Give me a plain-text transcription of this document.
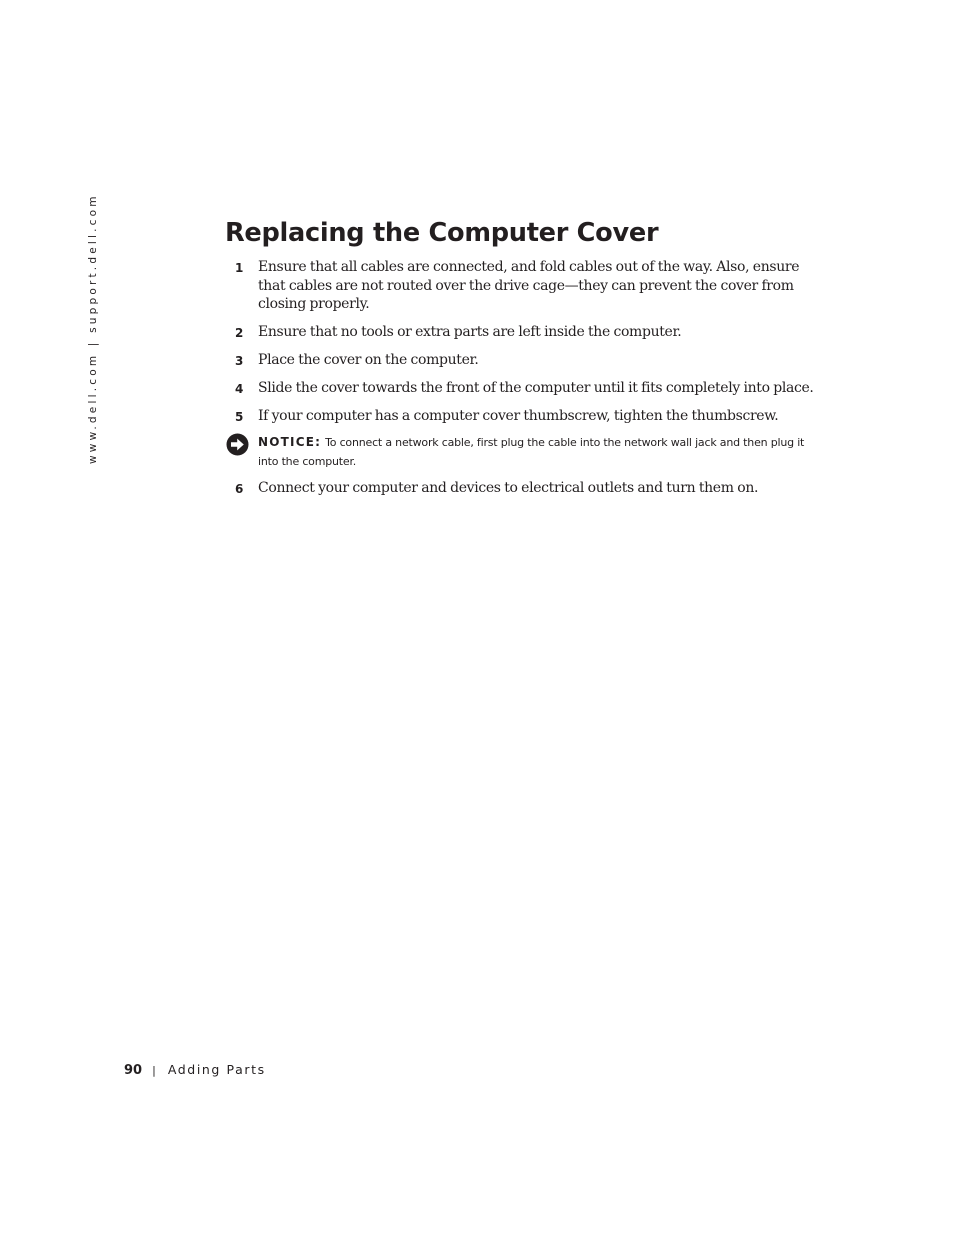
www.dell.com | support.dell.com	Replacing the Computer Cover
1 Ensure that all cables are connected, and fold cables out of the way. Also, ensure that cables are not routed over the drive cage—they can prevent the cover from closing properly.
2 Ensure that no tools or extra parts are left inside the computer.
3 Place the cover on the computer.
4 Slide the cover towards the front of the computer until it fits completely into place.
5 If your computer has a computer cover thumbscrew, tighten the thumbscrew.
NOTICE: To connect a network cable, first plug the cable into the network wall jack and then plug it into the computer.
6 Connect your computer and devices to electrical outlets and turn them on.
90 | Adding Parts
